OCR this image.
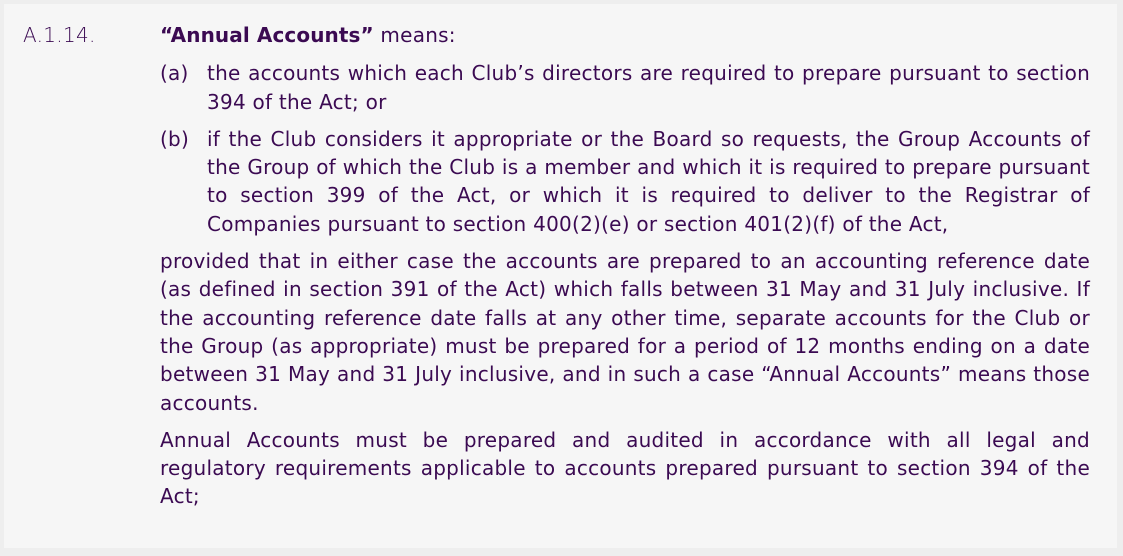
A.1.14.	“Annual Accounts” means:
(a) the accounts which each Club’s directors are required to prepare pursuant to section 394 of the Act; or
(b) if the Club considers it appropriate or the Board so requests, the Group Accounts of the Group of which the Club is a member and which it is required to prepare pursuant to section 399 of the Act, or which it is required to deliver to the Registrar of Companies pursuant to section 400(2)(e) or section 401(2)(f) of the Act,
provided that in either case the accounts are prepared to an accounting reference date (as defined in section 391 of the Act) which falls between 31 May and 31 July inclusive. If the accounting reference date falls at any other time, separate accounts for the Club or the Group (as appropriate) must be prepared for a period of 12 months ending on a date between 31 May and 31 July inclusive, and in such a case “Annual Accounts” means those accounts.
Annual Accounts must be prepared and audited in accordance with all legal and regulatory requirements applicable to accounts prepared pursuant to section 394 of the Act;
